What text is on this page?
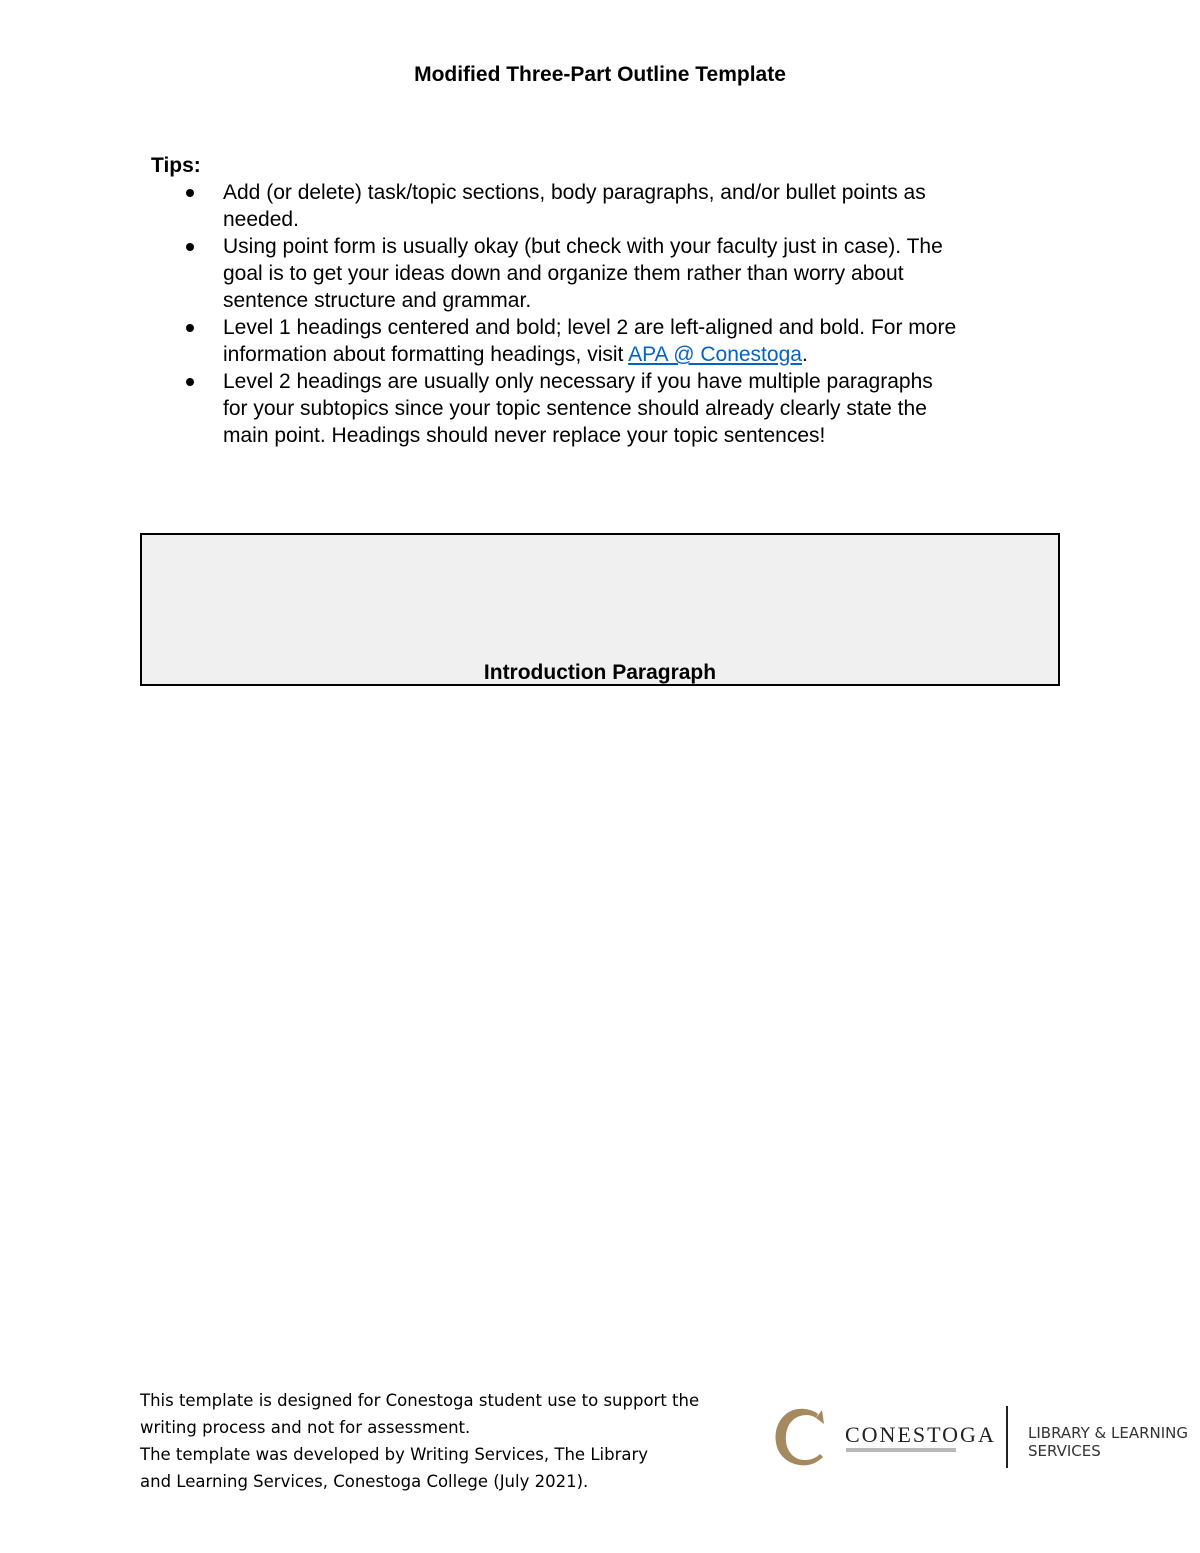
Modified Three-Part Outline Template
Tips:
Add (or delete) task/topic sections, body paragraphs, and/or bullet points as
needed.
Using point form is usually okay (but check with your faculty just in case). The
goal is to get your ideas down and organize them rather than worry about
sentence structure and grammar.
Level 1 headings centered and bold; level 2 are left-aligned and bold. For more
information about formatting headings, visit APA @ Conestoga.
Level 2 headings are usually only necessary if you have multiple paragraphs
for your subtopics since your topic sentence should already clearly state the
main point. Headings should never replace your topic sentences!
Introduction Paragraph

This template is designed for Conestoga student use to support the

writing process and not for assessment.

The template was developed by Writing Services, The Library

and Learning Services, Conestoga College (July 2021).

CONESTOGA LIBRARY & LEARNING
SERVICES
